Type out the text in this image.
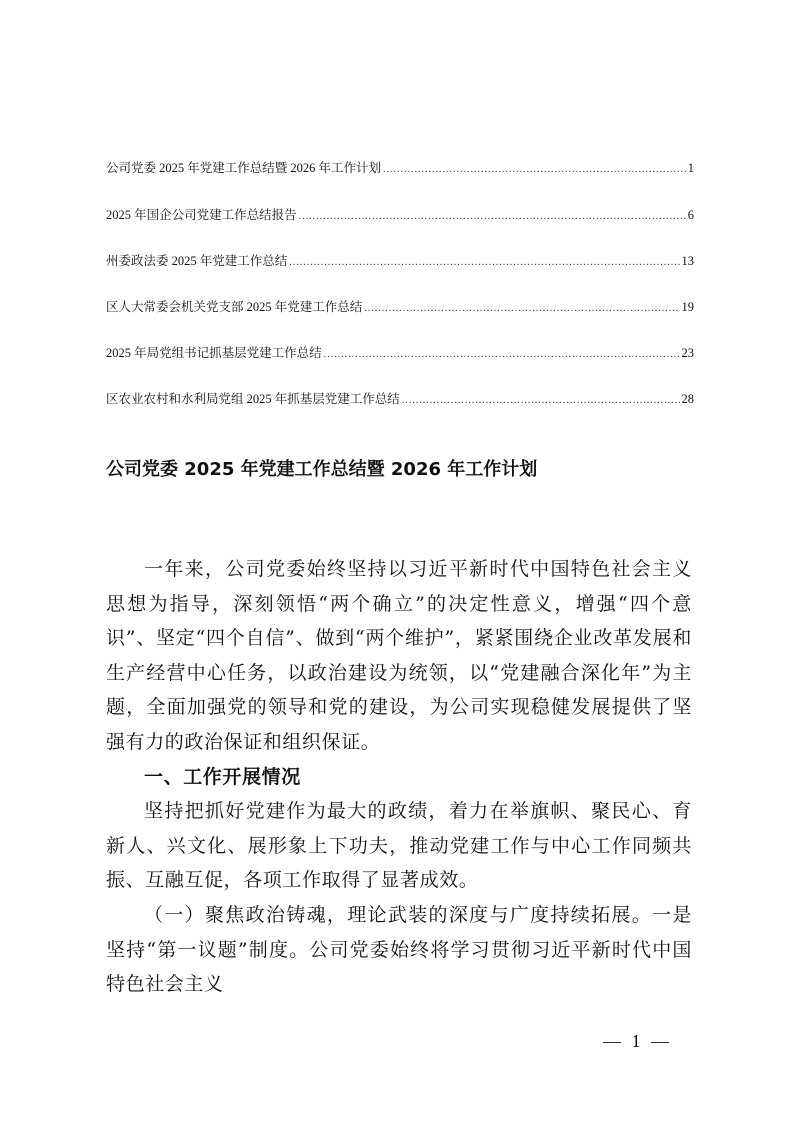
公司党委 2025 年党建工作总结暨 2026 年工作计划 .....	1
2025 年国企公司党建工作总结报告 .....	6
州委政法委 2025 年党建工作总结 .....	13
区人大常委会机关党支部 2025 年党建工作总结 .....	19
2025 年局党组书记抓基层党建工作总结 .....	23
区农业农村和水利局党组 2025 年抓基层党建工作总结 .....	28
公司党委 2025 年党建工作总结暨 2026 年工作计划

一年来，公司党委始终坚持以习近平新时代中国特色社会主义思想为指导，深刻领悟“两个确立”的决定性意义，增强“四个意识”、坚定“四个自信”、做到“两个维护”，紧紧围绕企业改革发展和生产经营中心任务，以政治建设为统领，以“党建融合深化年”为主题，全面加强党的领导和党的建设，为公司实现稳健发展提供了坚强有力的政治保证和组织保证。

一、工作开展情况

坚持把抓好党建作为最大的政绩，着力在举旗帜、聚民心、育新人、兴文化、展形象上下功夫，推动党建工作与中心工作同频共振、互融互促，各项工作取得了显著成效。

（一）聚焦政治铸魂，理论武装的深度与广度持续拓展。一是坚持“第一议题”制度。公司党委始终将学习贯彻习近平新时代中国特色社会主义

— 1 —
